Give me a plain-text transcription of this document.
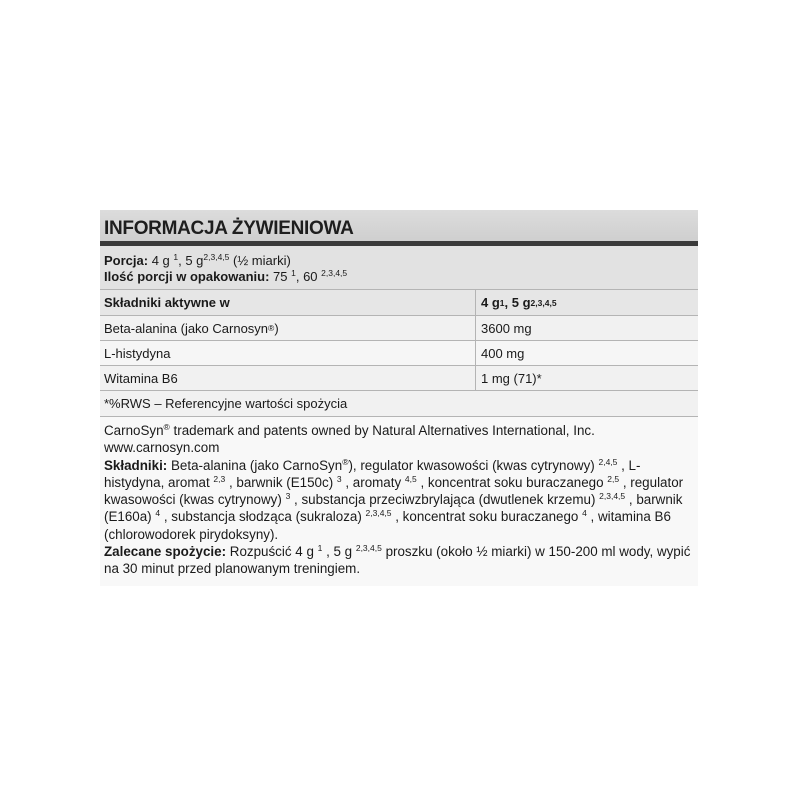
INFORMACJA ŻYWIENIOWA
Porcja: 4 g $^1$, 5 $g^{2,3,4,5}$ (½ miarki)
Ilość porcji w opakowaniu: 75 $^1$, 60 $^{2,3,4,5}$
Składniki aktywne w	4 g 1 , 5 g 2,3,4,5
Beta-alanina (jako Carnosyn ® )	3600 mg
L-histydyna	400 mg
Witamina B6	1 mg (71)*
*%RWS – Referencyjne wartości spożycia
CarnoSyn® trademark and patents owned by Natural Alternatives International, Inc. www.carnosyn.com
Składniki: Beta-alanina (jako CarnoSyn®), regulator kwasowości (kwas cytrynowy) $^{2,4,5}$ , L-histydyna, aromat $^{2,3}$ , barwnik (E150c) $^3$ , aromaty $^{4,5}$ , koncentrat soku buraczanego $^{2,5}$ , regulator kwasowości (kwas cytrynowy) $^3$ , substancja przeciwzbrylająca (dwutlenek krzemu) $^{2,3,4,5}$ , barwnik (E160a) $^4$ , substancja słodząca (sukraloza) $^{2,3,4,5}$ , koncentrat soku buraczanego $^4$ , witamina B6 (chlorowodorek pirydoksyny).
Zalecane spożycie: Rozpuścić 4 g $^1$ , 5 g $^{2,3,4,5}$ proszku (około ½ miarki) w 150-200 ml wody, wypić na 30 minut przed planowanym treningiem.
